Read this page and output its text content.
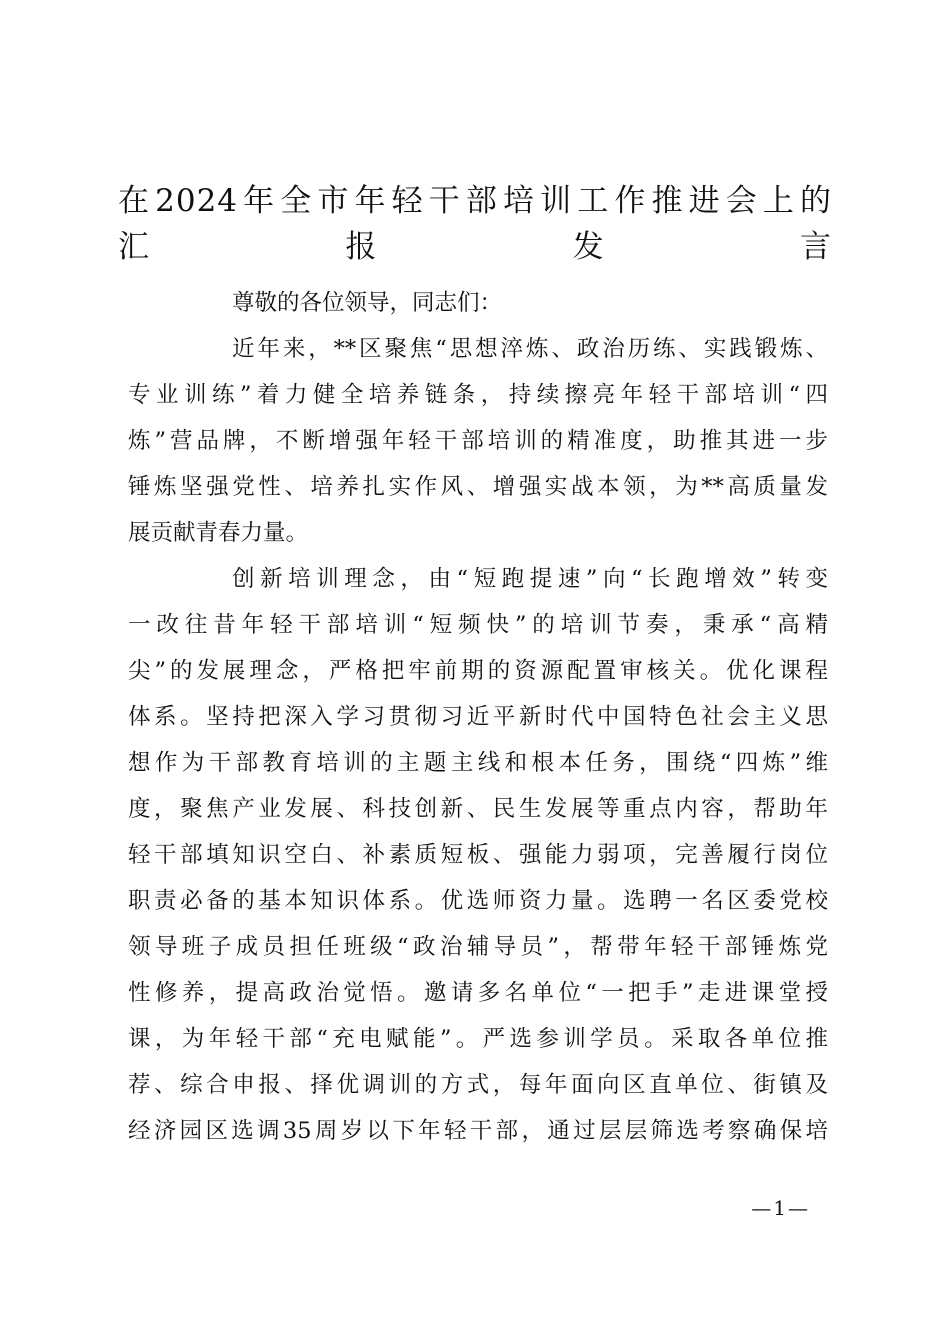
在2024年全市年轻干部培训工作推进会上的
汇报发言
尊敬的各位领导，同志们：
近年来，**区聚焦“思想淬炼、政治历练、实践锻炼、
专业训练”着力健全培养链条，持续擦亮年轻干部培训“四
炼”营品牌，不断增强年轻干部培训的精准度，助推其进一步
锤炼坚强党性、培养扎实作风、增强实战本领，为**高质量发
展贡献青春力量。
创新培训理念，由“短跑提速”向“长跑增效”转变
一改往昔年轻干部培训“短频快”的培训节奏，秉承“高精
尖”的发展理念，严格把牢前期的资源配置审核关。优化课程
体系。坚持把深入学习贯彻习近平新时代中国特色社会主义思
想作为干部教育培训的主题主线和根本任务，围绕“四炼”维
度，聚焦产业发展、科技创新、民生发展等重点内容，帮助年
轻干部填知识空白、补素质短板、强能力弱项，完善履行岗位
职责必备的基本知识体系。优选师资力量。选聘一名区委党校
领导班子成员担任班级“政治辅导员”，帮带年轻干部锤炼党
性修养，提高政治觉悟。邀请多名单位“一把手”走进课堂授
课，为年轻干部“充电赋能”。严选参训学员。采取各单位推
荐、综合申报、择优调训的方式，每年面向区直单位、街镇及
经济园区选调35周岁以下年轻干部，通过层层筛选考察确保培
—1—
